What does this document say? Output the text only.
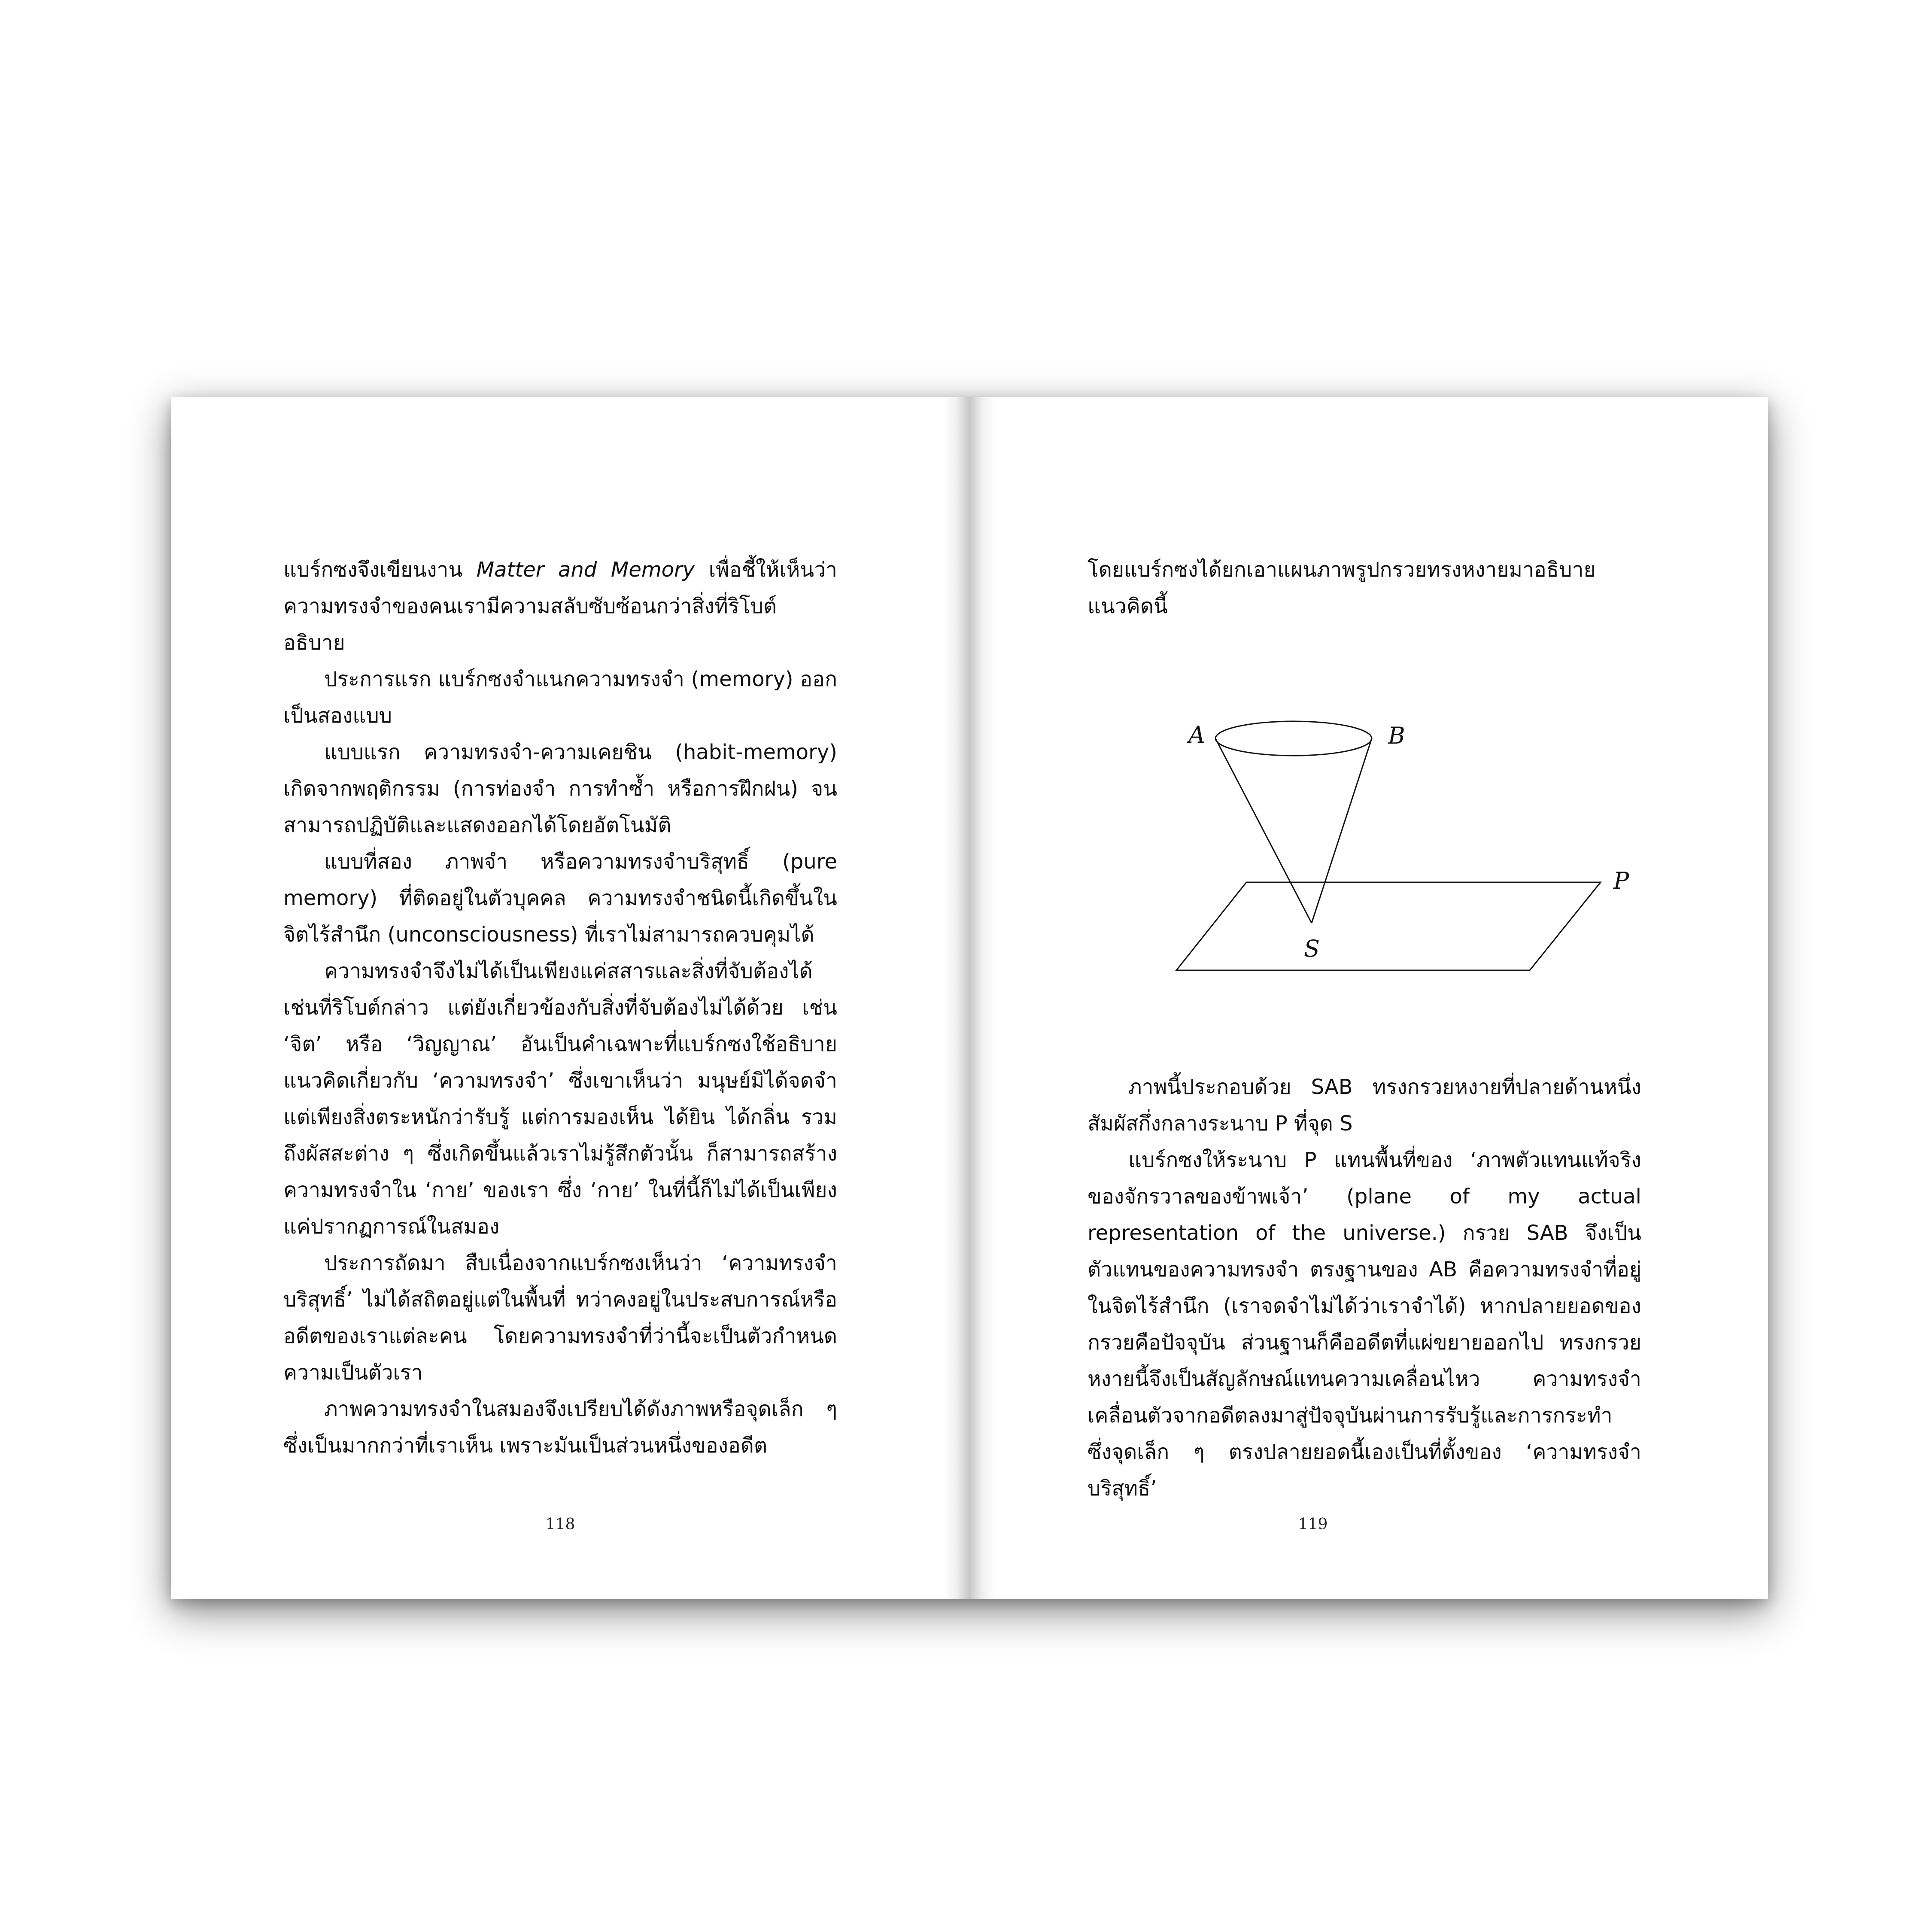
แบร์กซงจึงเขียนงาน Matter and Memory เพื่อชี้ให้เห็นว่า ความทรงจำของคนเรามีความสลับซับซ้อนกว่าสิ่งที่ริโบต์อธิบาย

ประการแรก แบร์กซงจำแนกความทรงจำ (memory) ออกเป็นสองแบบ

แบบแรก ความทรงจำ-ความเคยชิน (habit-memory) เกิดจากพฤติกรรม (การท่องจำ การทำซ้ำ หรือการฝึกฝน) จนสามารถปฏิบัติและแสดงออกได้โดยอัตโนมัติ

แบบที่สอง ภาพจำ หรือความทรงจำบริสุทธิ์ (pure memory) ที่ติดอยู่ในตัวบุคคล ความทรงจำชนิดนี้เกิดขึ้นในจิตไร้สำนึก (unconsciousness) ที่เราไม่สามารถควบคุมได้

ความทรงจำจึงไม่ได้เป็นเพียงแค่สสารและสิ่งที่จับต้องได้เช่นที่ริโบต์กล่าว แต่ยังเกี่ยวข้องกับสิ่งที่จับต้องไม่ได้ด้วย เช่น ‘จิต’ หรือ ‘วิญญาณ’ อันเป็นคำเฉพาะที่แบร์กซงใช้อธิบายแนวคิดเกี่ยวกับ ‘ความทรงจำ’ ซึ่งเขาเห็นว่า มนุษย์มิได้จดจำแต่เพียงสิ่งตระหนักว่ารับรู้ แต่การมองเห็น ได้ยิน ได้กลิ่น รวมถึงผัสสะต่าง ๆ ซึ่งเกิดขึ้นแล้วเราไม่รู้สึกตัวนั้น ก็สามารถสร้างความทรงจำใน ‘กาย’ ของเรา ซึ่ง ‘กาย’ ในที่นี้ก็ไม่ได้เป็นเพียงแค่ปรากฏการณ์ในสมอง

ประการถัดมา สืบเนื่องจากแบร์กซงเห็นว่า ‘ความทรงจำบริสุทธิ์’ ไม่ได้สถิตอยู่แต่ในพื้นที่ ทว่าคงอยู่ในประสบการณ์หรืออดีตของเราแต่ละคน โดยความทรงจำที่ว่านี้จะเป็นตัวกำหนดความเป็นตัวเรา

ภาพความทรงจำในสมองจึงเปรียบได้ดังภาพหรือจุดเล็ก ๆ ซึ่งเป็นมากกว่าที่เราเห็น เพราะมันเป็นส่วนหนึ่งของอดีต

118

โดยแบร์กซงได้ยกเอาแผนภาพรูปกรวยทรงหงายมาอธิบายแนวคิดนี้

A	B
P
S

ภาพนี้ประกอบด้วย SAB ทรงกรวยหงายที่ปลายด้านหนึ่งสัมผัสกึ่งกลางระนาบ P ที่จุด S

แบร์กซงให้ระนาบ P แทนพื้นที่ของ ‘ภาพตัวแทนแท้จริงของจักรวาลของข้าพเจ้า’ (plane of my actual representation of the universe.) กรวย SAB จึงเป็นตัวแทนของความทรงจำ ตรงฐานของ AB คือความทรงจำที่อยู่ในจิตไร้สำนึก (เราจดจำไม่ได้ว่าเราจำได้) หากปลายยอดของกรวยคือปัจจุบัน ส่วนฐานก็คืออดีตที่แผ่ขยายออกไป ทรงกรวยหงายนี้จึงเป็นสัญลักษณ์แทนความเคลื่อนไหว ความทรงจำเคลื่อนตัวจากอดีตลงมาสู่ปัจจุบันผ่านการรับรู้และการกระทำ ซึ่งจุดเล็ก ๆ ตรงปลายยอดนี้เองเป็นที่ตั้งของ ‘ความทรงจำบริสุทธิ์’

119
